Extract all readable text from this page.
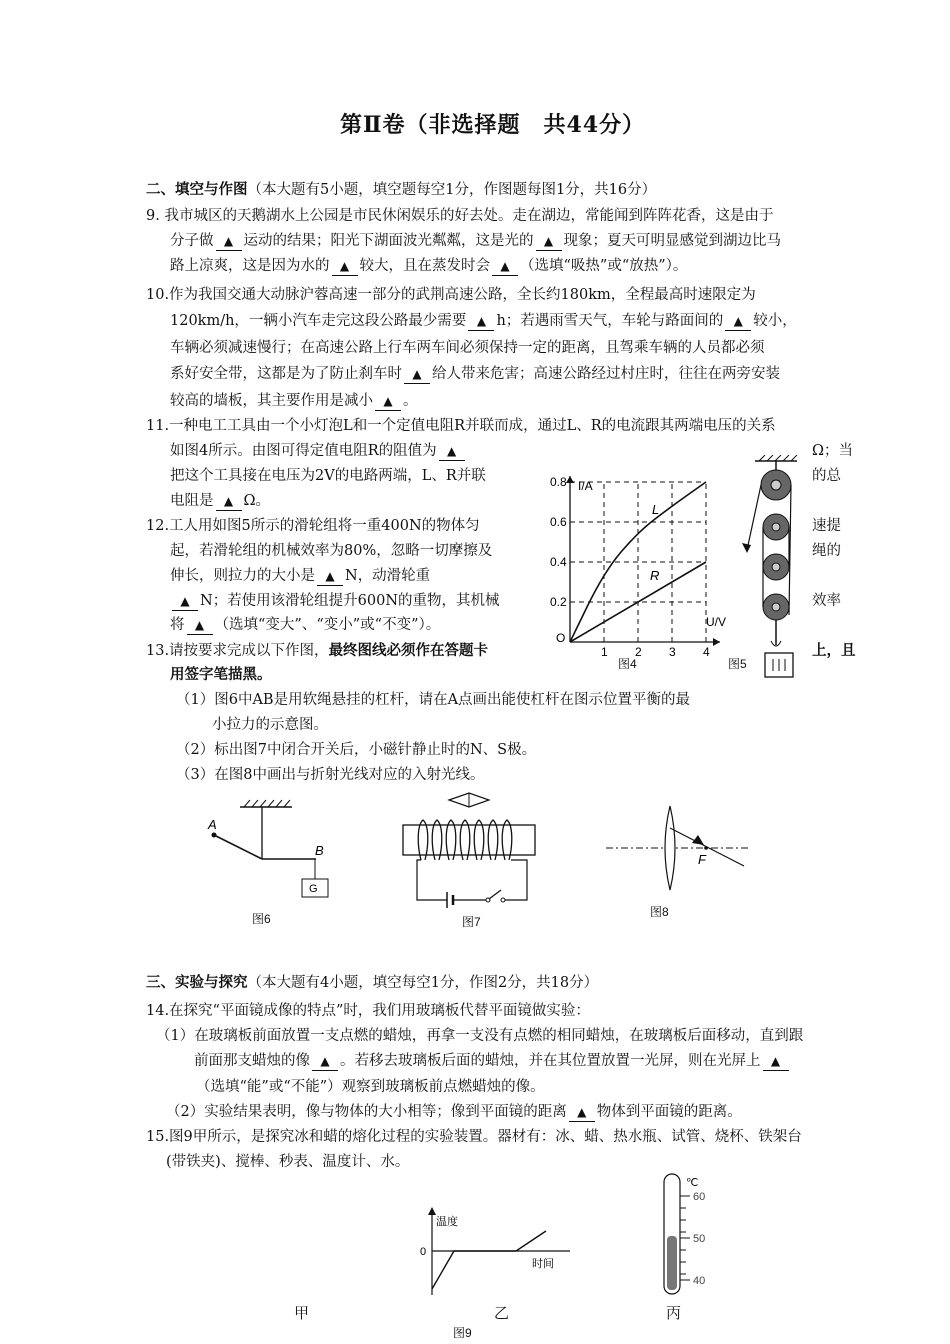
第Ⅱ卷（非选择题　共44分）
二、填空与作图（本大题有5小题，填空题每空1分，作图题每图1分，共16分）
9. 我市城区的天鹅湖水上公园是市民休闲娱乐的好去处。走在湖边，常能闻到阵阵花香，这是由于
分子做 ▲ 运动的结果；阳光下湖面波光粼粼，这是光的 ▲ 现象；夏天可明显感觉到湖边比马
路上凉爽，这是因为水的 ▲ 较大，且在蒸发时会 ▲ （选填“吸热”或“放热”）。
10.作为我国交通大动脉沪蓉高速一部分的武荆高速公路，全长约180km，全程最高时速限定为
120km/h，一辆小汽车走完这段公路最少需要 ▲ h；若遇雨雪天气，车轮与路面间的 ▲ 较小，
车辆必须减速慢行；在高速公路上行车两车间必须保持一定的距离，且驾乘车辆的人员都必须
系好安全带，这都是为了防止刹车时 ▲ 给人带来危害；高速公路经过村庄时，往往在两旁安装
较高的墙板，其主要作用是减小 ▲ 。
11.一种电工工具由一个小灯泡L和一个定值电阻R并联而成，通过L、R的电流跟其两端电压的关系
如图4所示。由图可得定值电阻R的阻值为 ▲	Ω；当
把这个工具接在电压为2V的电路两端，L、R并联	的总
电阻是 ▲ Ω。
12.工人用如图5所示的滑轮组将一重400N的物体匀	速提
起，若滑轮组的机械效率为80%，忽略一切摩擦及	绳的
伸长，则拉力的大小是 ▲ N，动滑轮重
▲N；若使用该滑轮组提升600N的重物，其机械	效率
将 ▲ （选填“变大”、“变小”或“不变”）。
13.请按要求完成以下作图，最终图线必须作在答题卡	上，且
用签字笔描黑。
（1）图6中AB是用软绳悬挂的杠杆，请在A点画出能使杠杆在图示位置平衡的最
小拉力的示意图。
（2）标出图7中闭合开关后，小磁针静止时的N、S极。
（3）在图8中画出与折射光线对应的入射光线。
I/A
U/V
O
1 2 3 4
0.2
0.4
0.6
0.8
L
R
图4	图5
A
B
G
图6	图7
F
图8
三、实验与探究（本大题有4小题，填空每空1分，作图2分，共18分）
14.在探究“平面镜成像的特点”时，我们用玻璃板代替平面镜做实验：
（1）在玻璃板前面放置一支点燃的蜡烛，再拿一支没有点燃的相同蜡烛，在玻璃板后面移动，直到跟
前面那支蜡烛的像 ▲ 。若移去玻璃板后面的蜡烛，并在其位置放置一光屏，则在光屏上▲
（选填“能”或“不能”）观察到玻璃板前点燃蜡烛的像。
（2）实验结果表明，像与物体的大小相等；像到平面镜的距离 ▲ 物体到平面镜的距离。
15.图9甲所示，是探究冰和蜡的熔化过程的实验装置。器材有：冰、蜡、热水瓶、试管、烧杯、铁架台
(带铁夹)、搅棒、秒表、温度计、水。
温度
0
时间
℃
60
50
40
甲	乙	丙
图9
